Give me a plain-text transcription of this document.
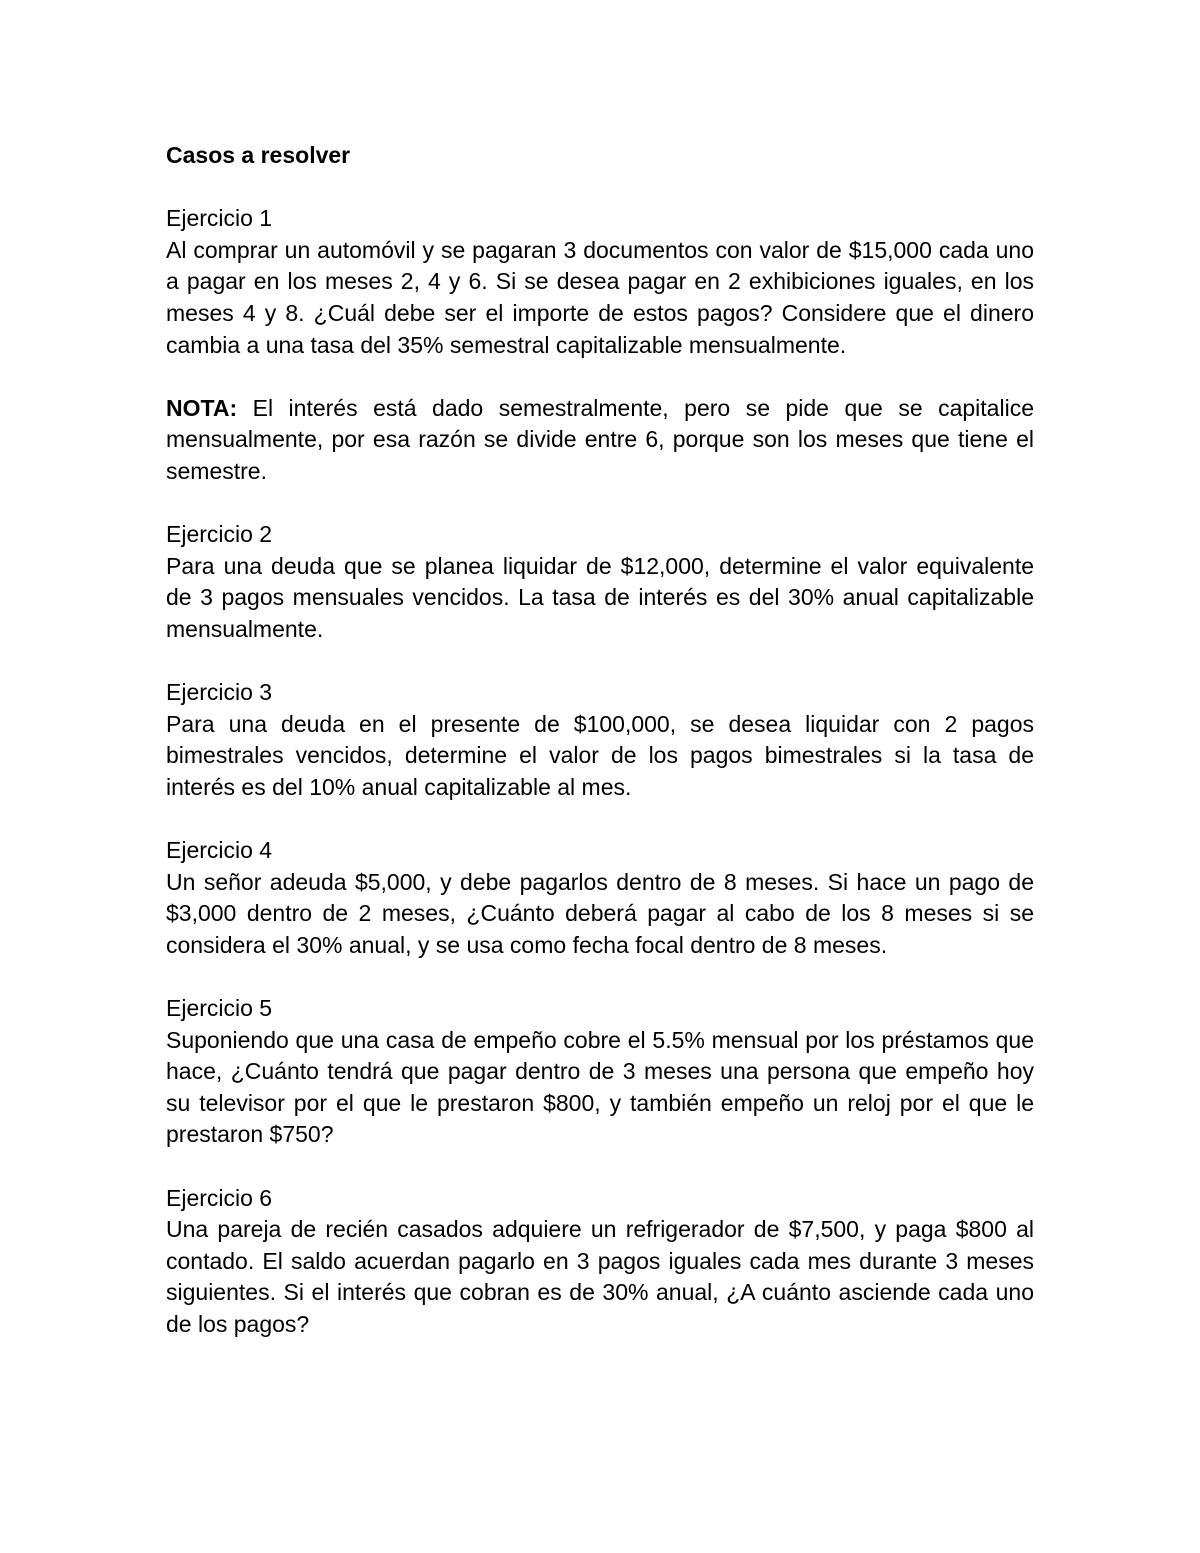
Casos a resolver

Ejercicio 1

Al comprar un automóvil y se pagaran 3 documentos con valor de $15,000 cada uno a pagar en los meses 2, 4 y 6. Si se desea pagar en 2 exhibiciones iguales, en los meses 4 y 8. ¿Cuál debe ser el importe de estos pagos? Considere que el dinero cambia a una tasa del 35% semestral capitalizable mensualmente.

NOTA: El interés está dado semestralmente, pero se pide que se capitalice mensualmente, por esa razón se divide entre 6, porque son los meses que tiene el semestre.

Ejercicio 2

Para una deuda que se planea liquidar de $12,000, determine el valor equivalente de 3 pagos mensuales vencidos. La tasa de interés es del 30% anual capitalizable mensualmente.

Ejercicio 3

Para una deuda en el presente de $100,000, se desea liquidar con 2 pagos bimestrales vencidos, determine el valor de los pagos bimestrales si la tasa de interés es del 10% anual capitalizable al mes.

Ejercicio 4

Un señor adeuda $5,000, y debe pagarlos dentro de 8 meses. Si hace un pago de $3,000 dentro de 2 meses, ¿Cuánto deberá pagar al cabo de los 8 meses si se considera el 30% anual, y se usa como fecha focal dentro de 8 meses.

Ejercicio 5

Suponiendo que una casa de empeño cobre el 5.5% mensual por los préstamos que hace, ¿Cuánto tendrá que pagar dentro de 3 meses una persona que empeño hoy su televisor por el que le prestaron $800, y también empeño un reloj por el que le prestaron $750?

Ejercicio 6

Una pareja de recién casados adquiere un refrigerador de $7,500, y paga $800 al contado. El saldo acuerdan pagarlo en 3 pagos iguales cada mes durante 3 meses siguientes. Si el interés que cobran es de 30% anual, ¿A cuánto asciende cada uno de los pagos?
